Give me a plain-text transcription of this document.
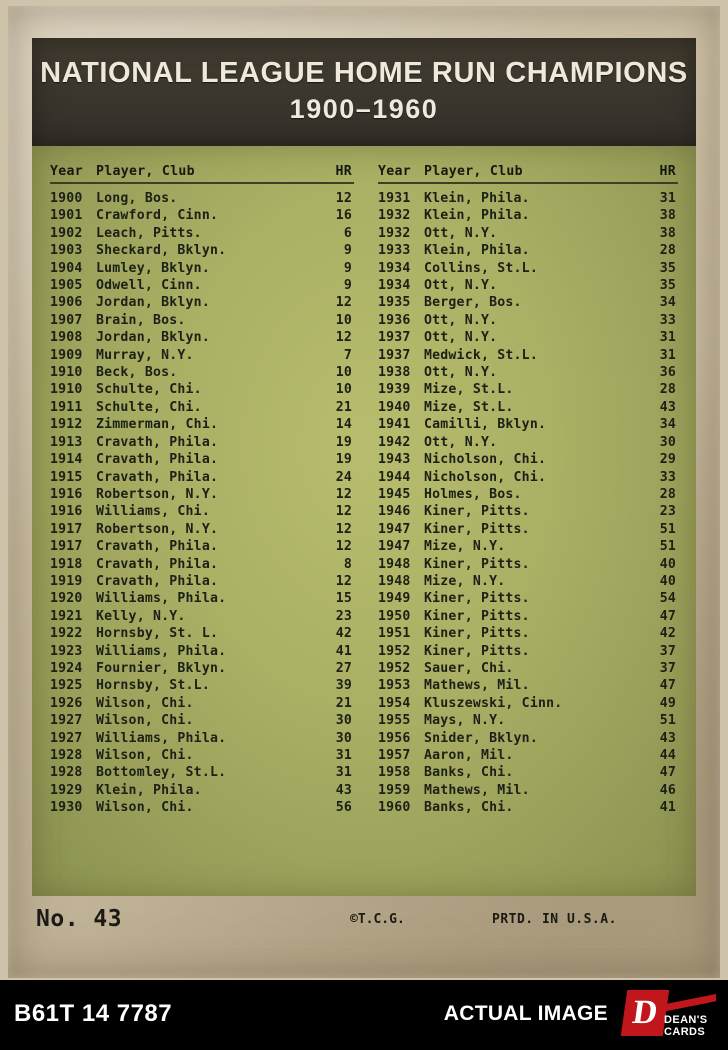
NATIONAL LEAGUE HOME RUN CHAMPIONS
1900–1960
Year	Player, Club	HR

1900	Long, Bos.	12
1901	Crawford, Cinn.	16
1902	Leach, Pitts.	6
1903	Sheckard, Bklyn.	9
1904	Lumley, Bklyn.	9
1905	Odwell, Cinn.	9
1906	Jordan, Bklyn.	12
1907	Brain, Bos.	10
1908	Jordan, Bklyn.	12
1909	Murray, N.Y.	7
1910	Beck, Bos.	10
1910	Schulte, Chi.	10
1911	Schulte, Chi.	21
1912	Zimmerman, Chi.	14
1913	Cravath, Phila.	19
1914	Cravath, Phila.	19
1915	Cravath, Phila.	24
1916	Robertson, N.Y.	12
1916	Williams, Chi.	12
1917	Robertson, N.Y.	12
1917	Cravath, Phila.	12
1918	Cravath, Phila.	8
1919	Cravath, Phila.	12
1920	Williams, Phila.	15
1921	Kelly, N.Y.	23
1922	Hornsby, St. L.	42
1923	Williams, Phila.	41
1924	Fournier, Bklyn.	27
1925	Hornsby, St.L.	39
1926	Wilson, Chi.	21
1927	Wilson, Chi.	30
1927	Williams, Phila.	30
1928	Wilson, Chi.	31
1928	Bottomley, St.L.	31
1929	Klein, Phila.	43
1930	Wilson, Chi.	56
Year	Player, Club	HR

1931	Klein, Phila.	31
1932	Klein, Phila.	38
1932	Ott, N.Y.	38
1933	Klein, Phila.	28
1934	Collins, St.L.	35
1934	Ott, N.Y.	35
1935	Berger, Bos.	34
1936	Ott, N.Y.	33
1937	Ott, N.Y.	31
1937	Medwick, St.L.	31
1938	Ott, N.Y.	36
1939	Mize, St.L.	28
1940	Mize, St.L.	43
1941	Camilli, Bklyn.	34
1942	Ott, N.Y.	30
1943	Nicholson, Chi.	29
1944	Nicholson, Chi.	33
1945	Holmes, Bos.	28
1946	Kiner, Pitts.	23
1947	Kiner, Pitts.	51
1947	Mize, N.Y.	51
1948	Kiner, Pitts.	40
1948	Mize, N.Y.	40
1949	Kiner, Pitts.	54
1950	Kiner, Pitts.	47
1951	Kiner, Pitts.	42
1952	Kiner, Pitts.	37
1952	Sauer, Chi.	37
1953	Mathews, Mil.	47
1954	Kluszewski, Cinn.	49
1955	Mays, N.Y.	51
1956	Snider, Bklyn.	43
1957	Aaron, Mil.	44
1958	Banks, Chi.	47
1959	Mathews, Mil.	46
1960	Banks, Chi.	41
No. 43	©T.C.G.	PRTD. IN U.S.A.
B61T 14 7787	ACTUAL IMAGE D DEAN'S CARDS
